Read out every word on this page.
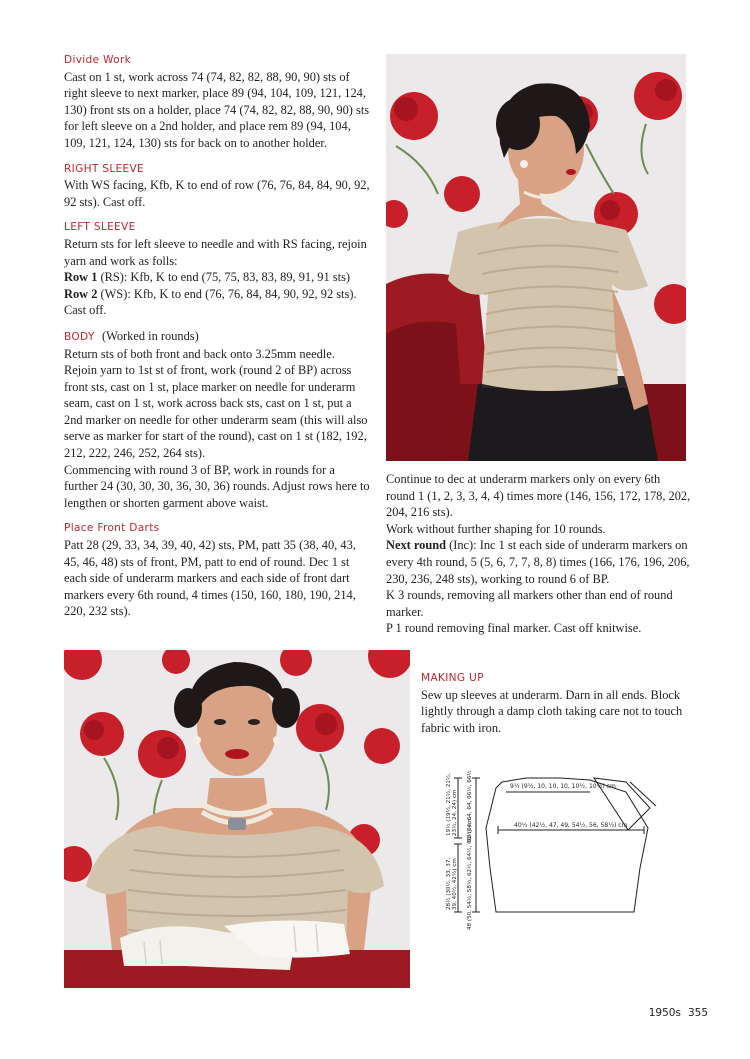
Divide Work

Cast on 1 st, work across 74 (74, 82, 82, 88, 90, 90) sts of right sleeve to next marker, place 89 (94, 104, 109, 121, 124, 130) front sts on a holder, place 74 (74, 82, 82, 88, 90, 90) sts for left sleeve on a 2nd holder, and place rem 89 (94, 104, 109, 121, 124, 130) sts for back on to another holder.

RIGHT SLEEVE

With WS facing, Kfb, K to end of row (76, 76, 84, 84, 90, 92, 92 sts). Cast off.

LEFT SLEEVE

Return sts for left sleeve to needle and with RS facing, rejoin yarn and work as folls:

Row 1 (RS): Kfb, K to end (75, 75, 83, 83, 89, 91, 91 sts)

Row 2 (WS): Kfb, K to end (76, 76, 84, 84, 90, 92, 92 sts). Cast off.

BODY (Worked in rounds)

Return sts of both front and back onto 3.25mm needle. Rejoin yarn to 1st st of front, work (round 2 of BP) across front sts, cast on 1 st, place marker on needle for underarm seam, cast on 1 st, work across back sts, cast on 1 st, put a 2nd marker on needle for other underarm seam (this will also serve as marker for start of the round), cast on 1 st (182, 192, 212, 222, 246, 252, 264 sts).

Commencing with round 3 of BP, work in rounds for a further 24 (30, 30, 30, 36, 30, 36) rounds. Adjust rows here to lengthen or shorten garment above waist.

Place Front Darts

Patt 28 (29, 33, 34, 39, 40, 42) sts, PM, patt 35 (38, 40, 43, 45, 46, 48) sts of front, PM, patt to end of round. Dec 1 st each side of underarm markers and each side of front dart markers every 6th round, 4 times (150, 160, 180, 190, 214, 220, 232 sts).

Continue to dec at underarm markers only on every 6th round 1 (1, 2, 3, 3, 4, 4) times more (146, 156, 172, 178, 202, 204, 216 sts).

Work without further shaping for 10 rounds.

Next round (Inc): Inc 1 st each side of underarm markers on every 4th round, 5 (5, 6, 7, 7, 8, 8) times (166, 176, 196, 206, 230, 236, 248 sts), working to round 6 of BP.

K 3 rounds, removing all markers other than end of round marker.

P 1 round removing final marker. Cast off knitwise.

MAKING UP

Sew up sleeves at underarm. Darn in all ends. Block lightly through a damp cloth taking care not to touch fabric with iron.

9½ (9½, 10, 10, 10, 10½, 10½) cm
40½ (42½, 47, 49, 54½, 56, 58½) cm
19½ (19½, 21½, 21½, 23½, 24, 24) cm 63 (64, 64, 64, 66½, 66½) cm
28½ (30½, 33, 37, 39, 40½, 42½) cm 48 (50, 54½, 58½, 62½, 64½, 66½) cm
1950s 355
